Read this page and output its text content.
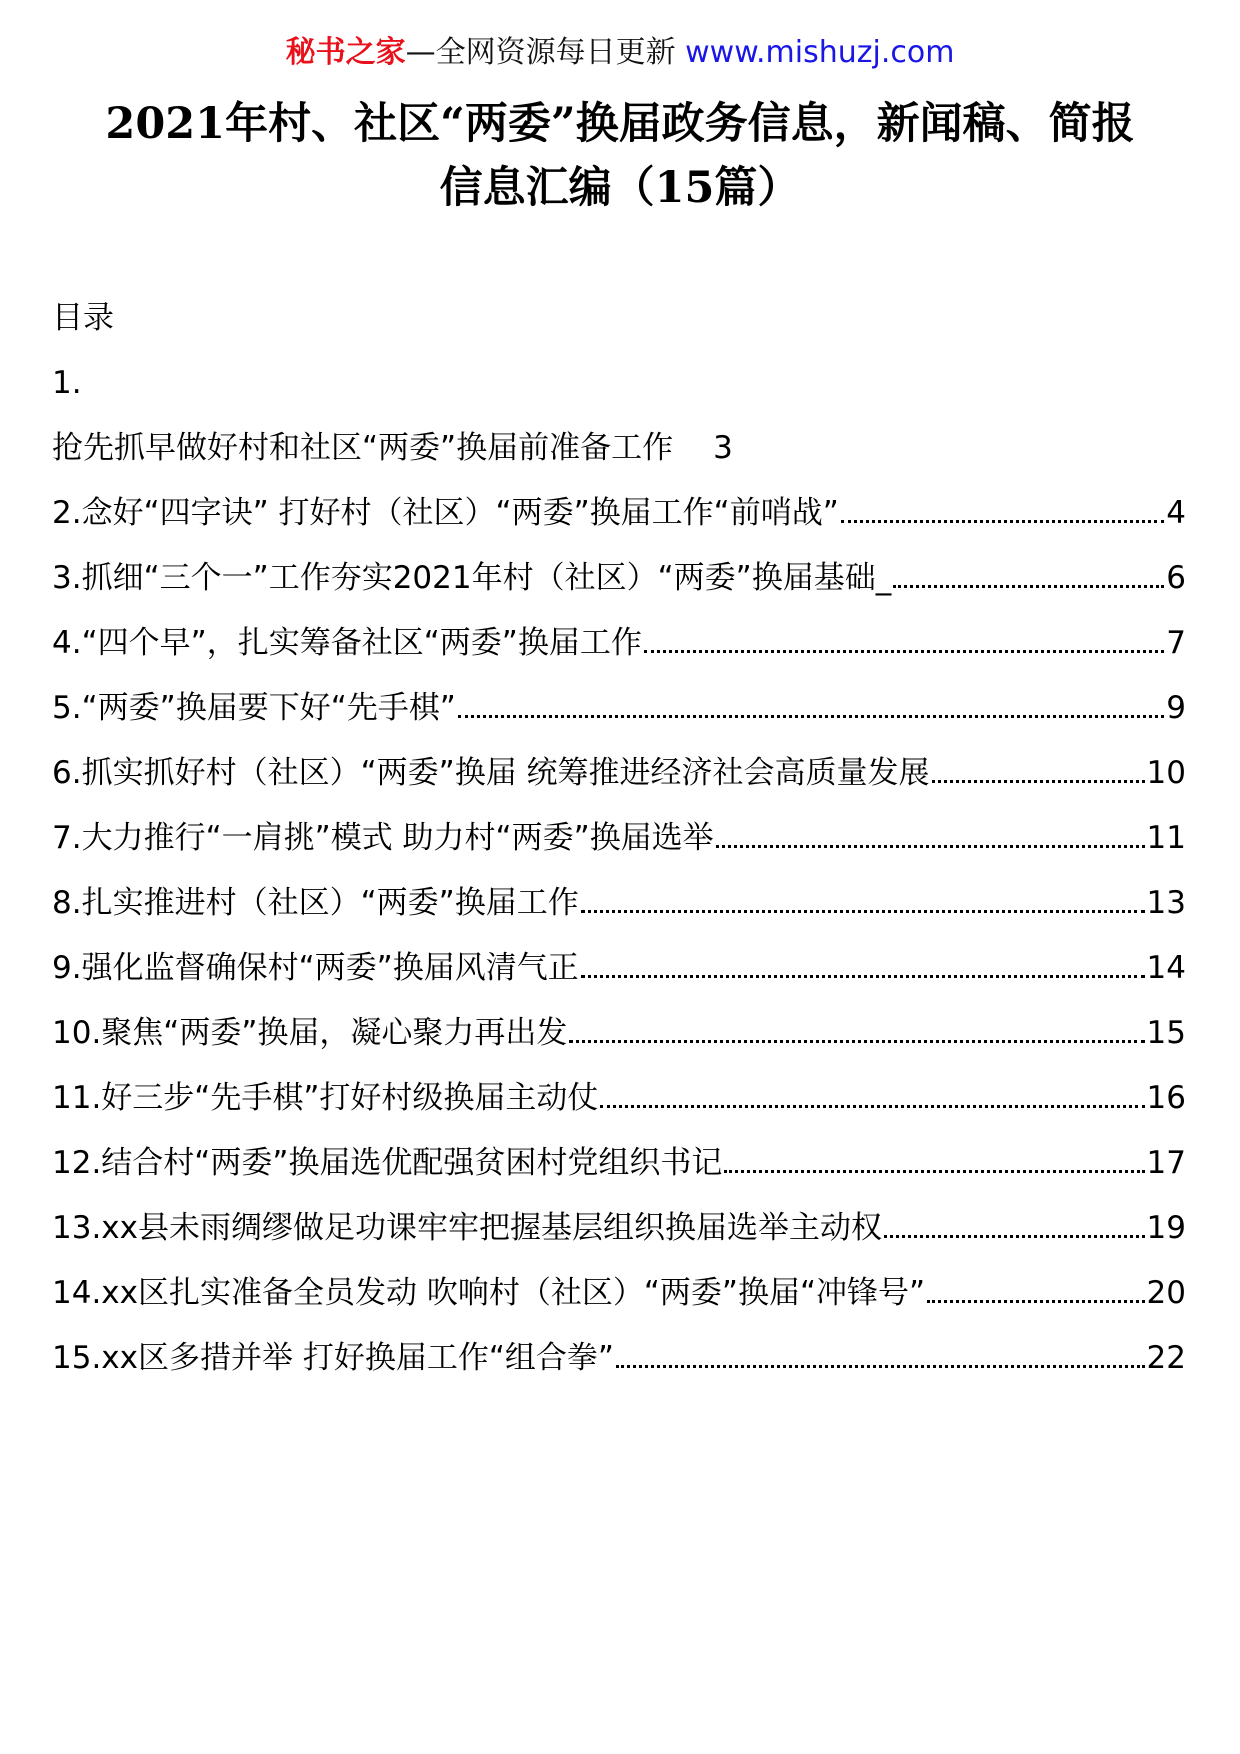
秘书之家—全网资源每日更新 www.mishuzj.com
2021年村、社区“两委”换届政务信息，新闻稿、简报
信息汇编（15篇）
目录
1.
抢先抓早做好村和社区“两委”换届前准备工作 3
2.念好“四字诀” 打好村（社区）“两委”换届工作“前哨战”	4
3.抓细“三个一”工作夯实2021年村（社区）“两委”换届基础_	6
4.“四个早”，扎实筹备社区“两委”换届工作	7
5.“两委”换届要下好“先手棋”	9
6.抓实抓好村（社区）“两委”换届 统筹推进经济社会高质量发展	10
7.大力推行“一肩挑”模式 助力村“两委”换届选举	11
8.扎实推进村（社区）“两委”换届工作	13
9.强化监督确保村“两委”换届风清气正	14
10.聚焦“两委”换届，凝心聚力再出发	15
11.好三步“先手棋”打好村级换届主动仗	16
12.结合村“两委”换届选优配强贫困村党组织书记	17
13.xx县未雨绸缪做足功课牢牢把握基层组织换届选举主动权	19
14.xx区扎实准备全员发动 吹响村（社区）“两委”换届“冲锋号”	20
15.xx区多措并举 打好换届工作“组合拳”	22
